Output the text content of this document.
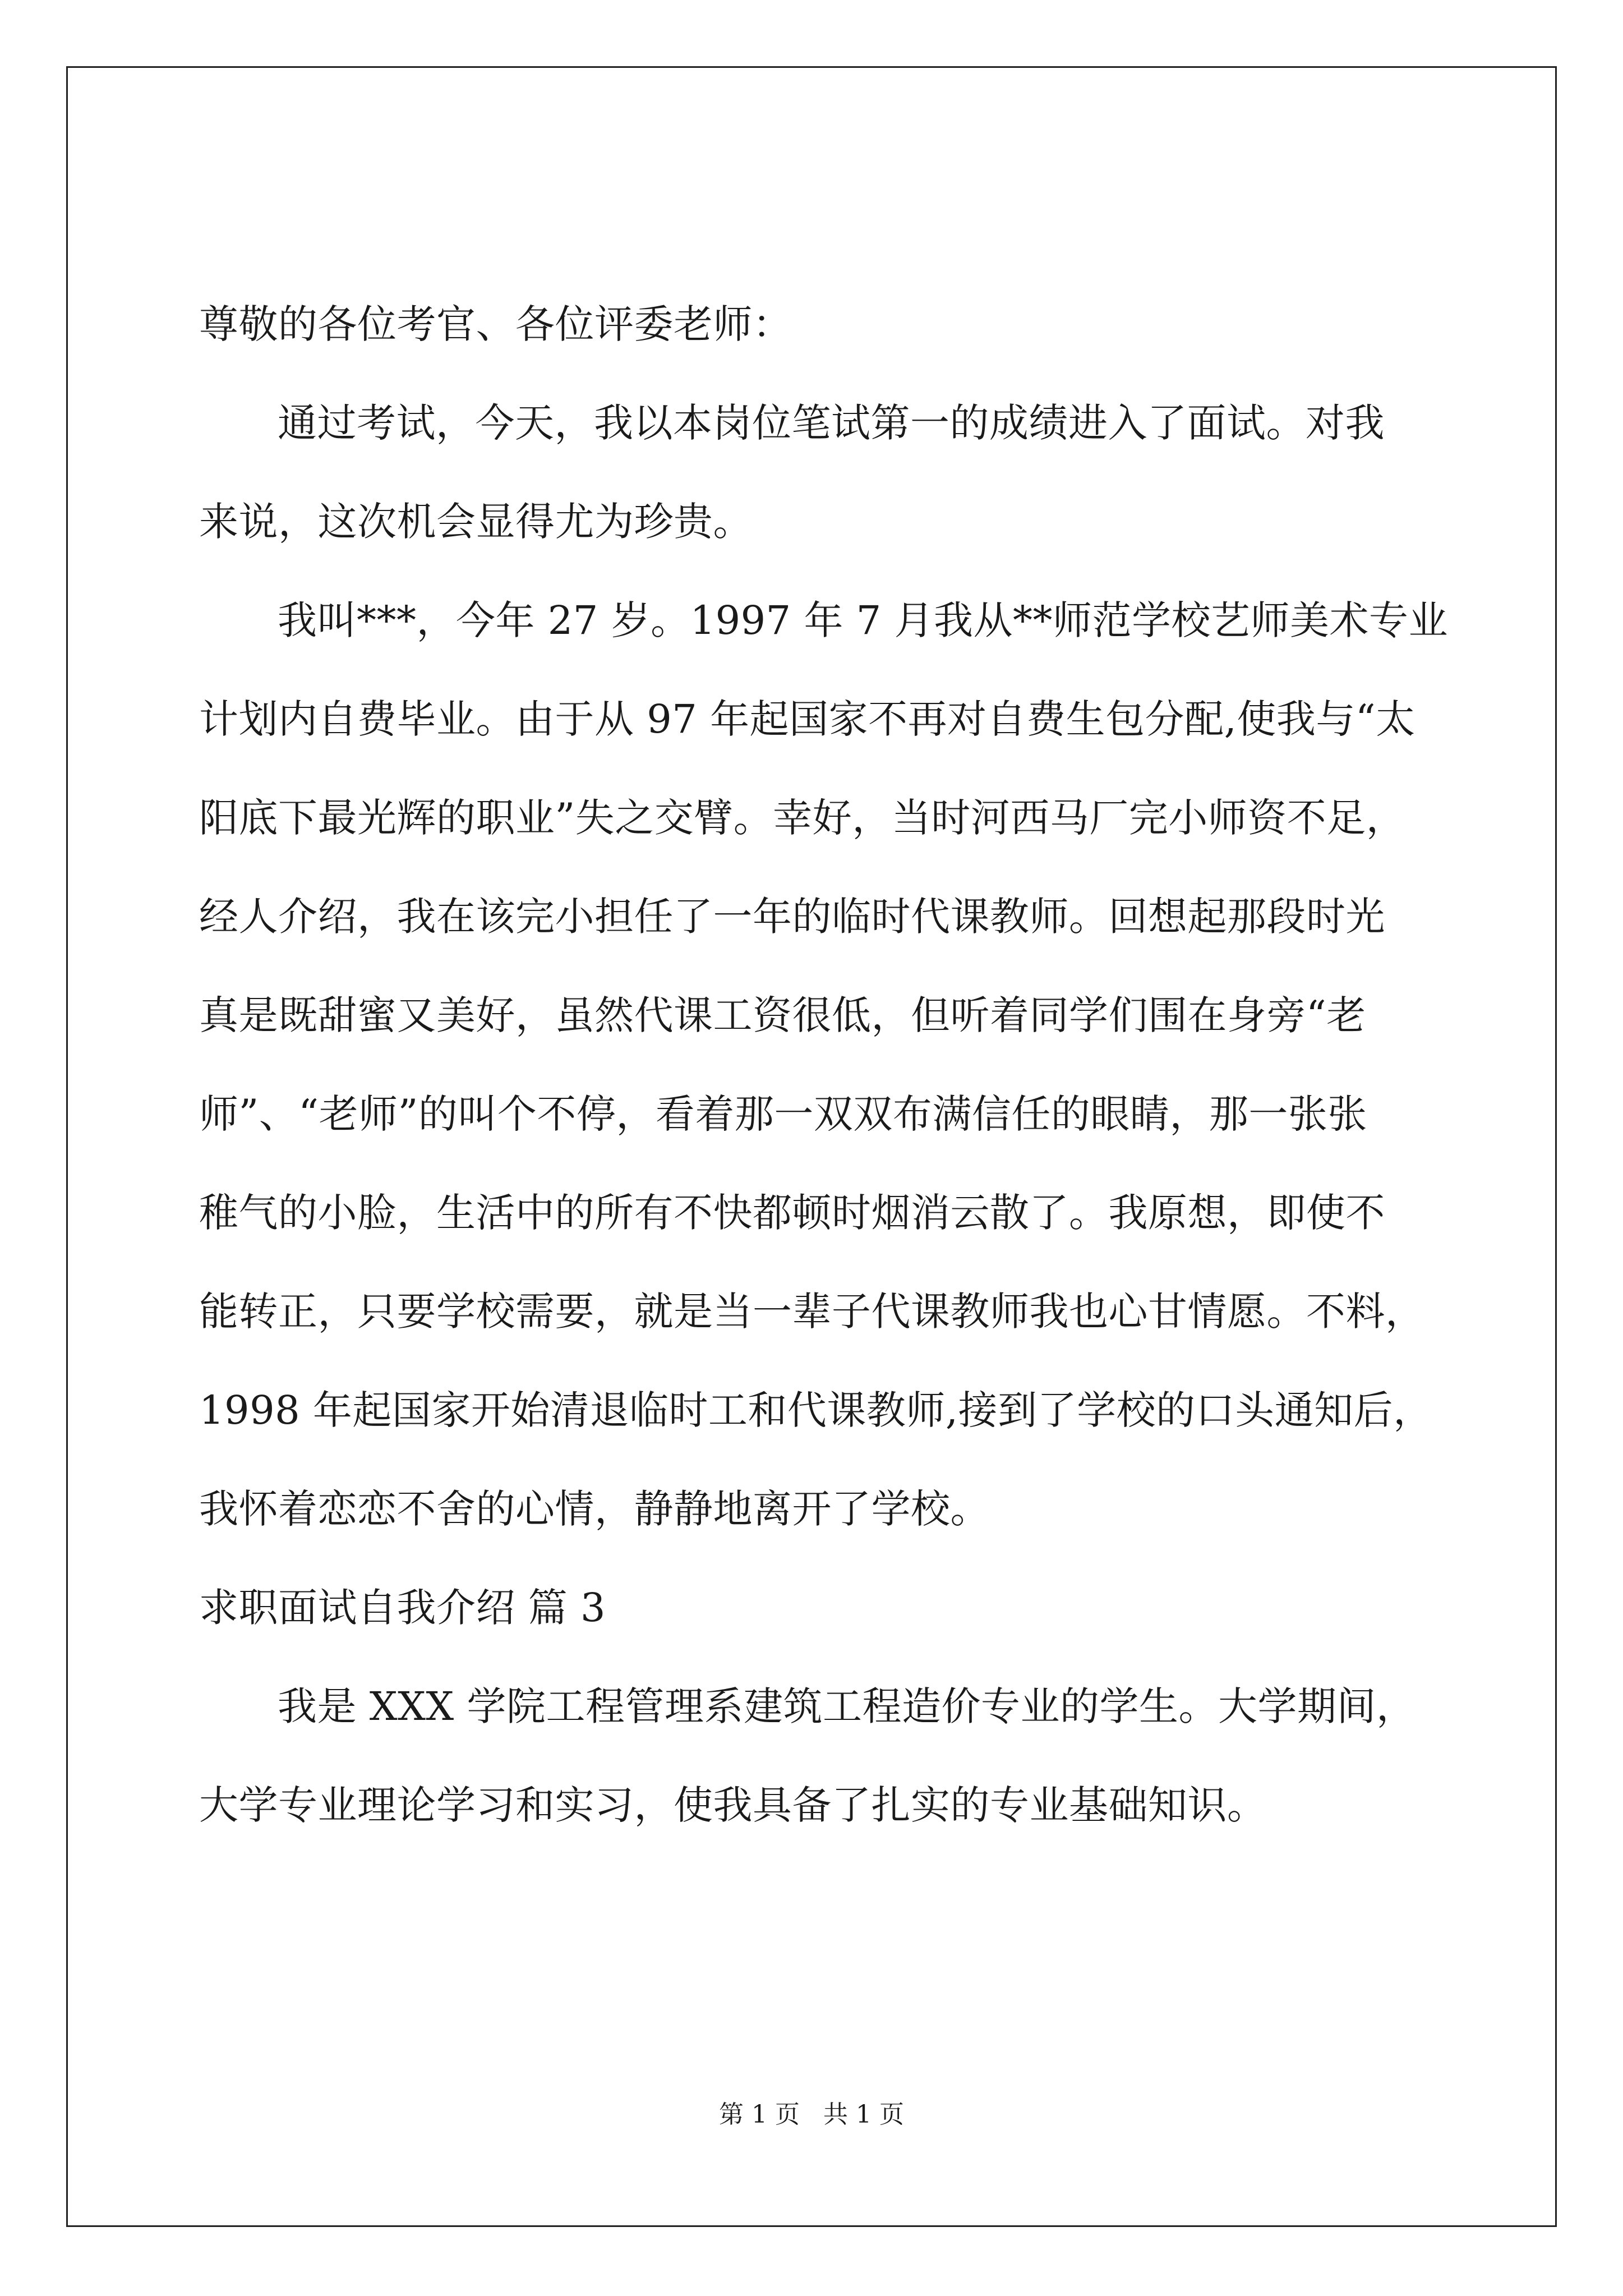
尊敬的各位考官、各位评委老师：
通过考试，今天，我以本岗位笔试第一的成绩进入了面试。对我
来说，这次机会显得尤为珍贵。
我叫***，今年 27 岁。1997 年 7 月我从**师范学校艺师美术专业
计划内自费毕业。由于从 97 年起国家不再对自费生包分配,使我与“太
阳底下最光辉的职业”失之交臂。幸好，当时河西马厂完小师资不足，
经人介绍，我在该完小担任了一年的临时代课教师。回想起那段时光
真是既甜蜜又美好，虽然代课工资很低，但听着同学们围在身旁“老
师”、“老师”的叫个不停，看着那一双双布满信任的眼睛，那一张张
稚气的小脸，生活中的所有不快都顿时烟消云散了。我原想，即使不
能转正，只要学校需要，就是当一辈子代课教师我也心甘情愿。不料，
1998 年起国家开始清退临时工和代课教师,接到了学校的口头通知后，
我怀着恋恋不舍的心情，静静地离开了学校。
求职面试自我介绍 篇 3
我是 XXX 学院工程管理系建筑工程造价专业的学生。大学期间，
大学专业理论学习和实习，使我具备了扎实的专业基础知识。
第 1 页 共 1 页
